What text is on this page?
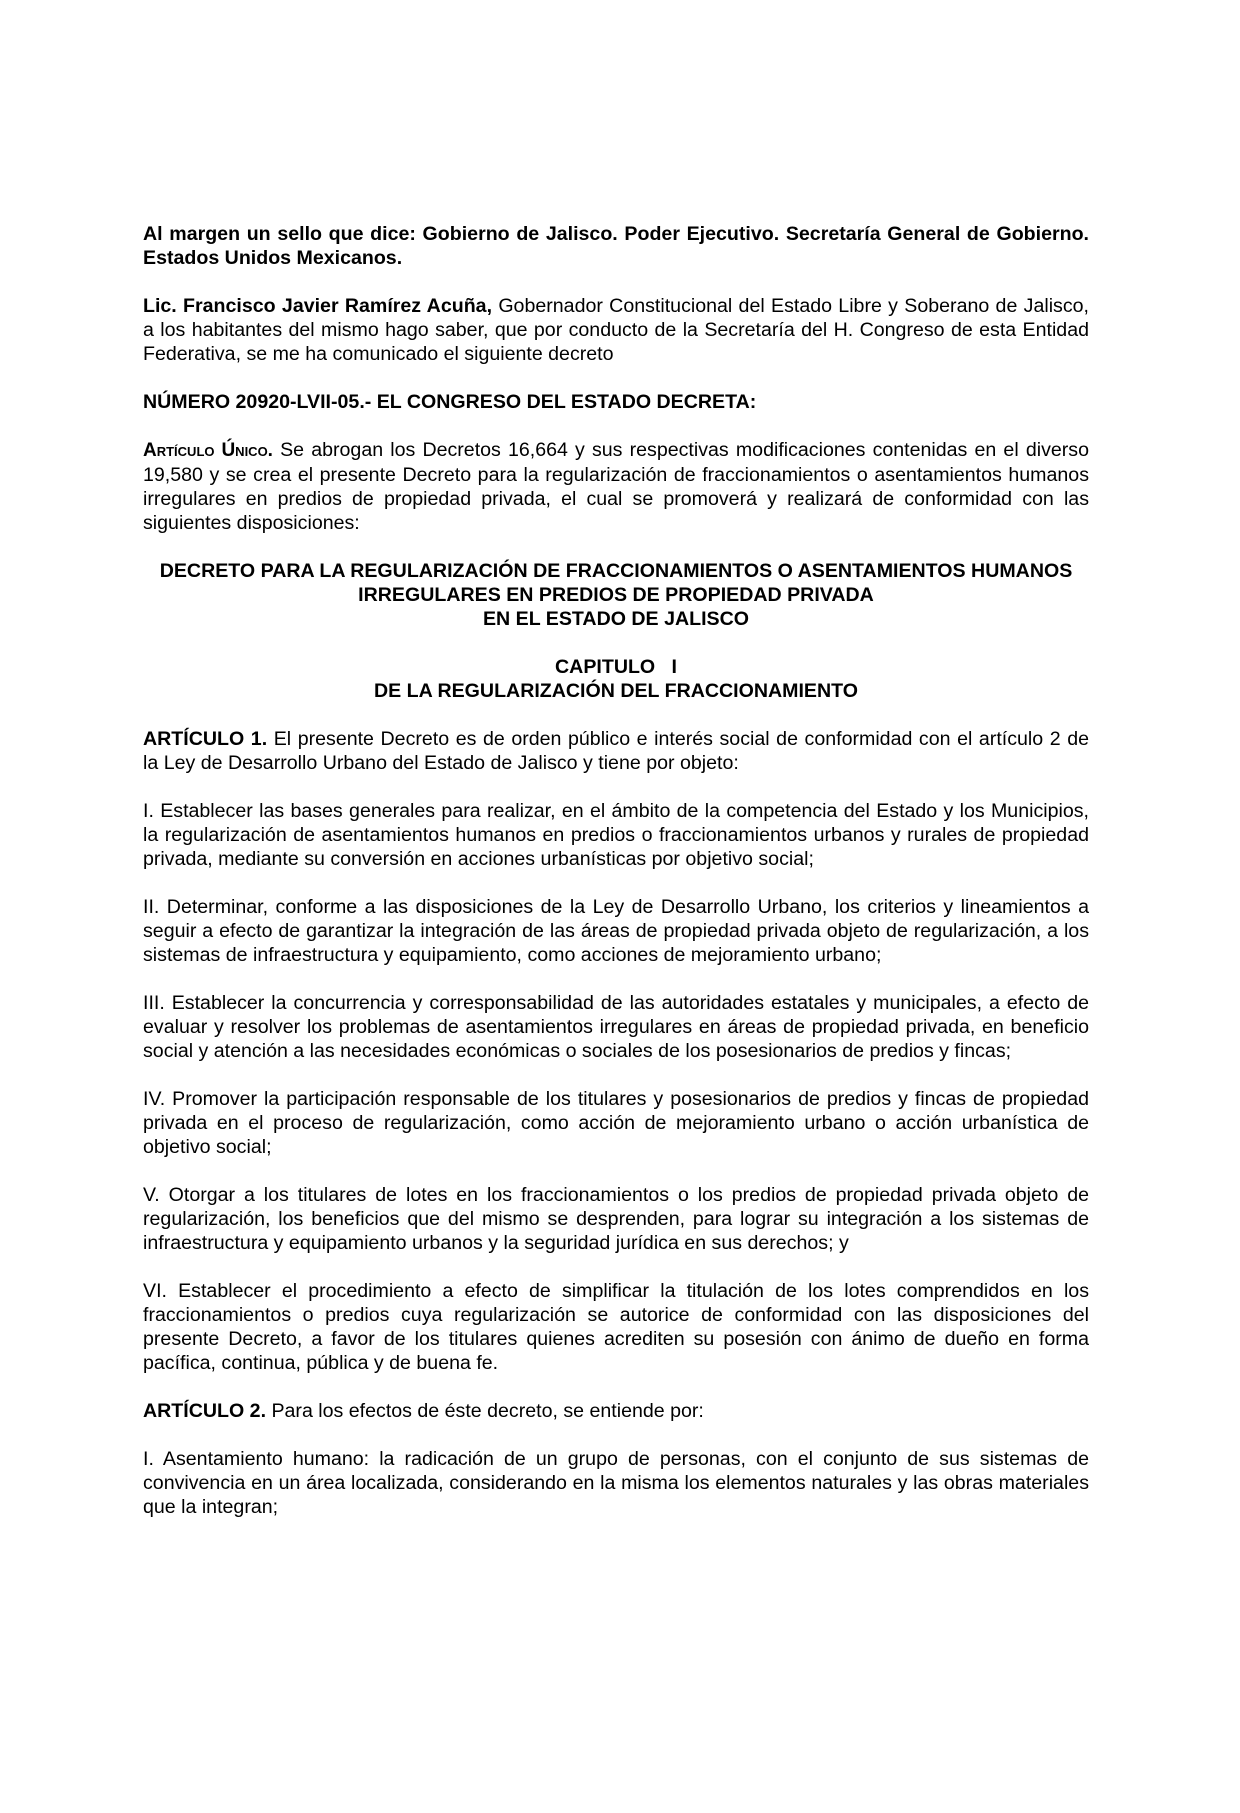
Al margen un sello que dice: Gobierno de Jalisco. Poder Ejecutivo. Secretaría General de Gobierno. Estados Unidos Mexicanos.

Lic. Francisco Javier Ramírez Acuña, Gobernador Constitucional del Estado Libre y Soberano de Jalisco, a los habitantes del mismo hago saber, que por conducto de la Secretaría del H. Congreso de esta Entidad Federativa, se me ha comunicado el siguiente decreto

NÚMERO 20920-LVII-05.- EL CONGRESO DEL ESTADO DECRETA:

Artículo Único. Se abrogan los Decretos 16,664 y sus respectivas modificaciones contenidas en el diverso 19,580 y se crea el presente Decreto para la regularización de fraccionamientos o asentamientos humanos irregulares en predios de propiedad privada, el cual se promoverá y realizará de conformidad con las siguientes disposiciones:

DECRETO PARA LA REGULARIZACIÓN DE FRACCIONAMIENTOS O ASENTAMIENTOS HUMANOS
IRREGULARES EN PREDIOS DE PROPIEDAD PRIVADA
EN EL ESTADO DE JALISCO
CAPITULO   I
DE LA REGULARIZACIÓN DEL FRACCIONAMIENTO

ARTÍCULO 1. El presente Decreto es de orden público e interés social de conformidad con el artículo 2 de la Ley de Desarrollo Urbano del Estado de Jalisco y tiene por objeto:

I. Establecer las bases generales para realizar, en el ámbito de la competencia del Estado y los Municipios, la regularización de asentamientos humanos en predios o fraccionamientos urbanos y rurales de propiedad privada, mediante su conversión en acciones urbanísticas por objetivo social;
II. Determinar, conforme a las disposiciones de la Ley de Desarrollo Urbano, los criterios y lineamientos a seguir a efecto de garantizar la integración de las áreas de propiedad privada objeto de regularización, a los sistemas de infraestructura y equipamiento, como acciones de mejoramiento urbano;
III. Establecer la concurrencia y corresponsabilidad de las autoridades estatales y municipales, a efecto de evaluar y resolver los problemas de asentamientos irregulares en áreas de propiedad privada, en beneficio social y atención a las necesidades económicas o sociales de los posesionarios de predios y fincas;
IV. Promover la participación responsable de los titulares y posesionarios de predios y fincas de propiedad privada en el proceso de regularización, como acción de mejoramiento urbano o acción urbanística de objetivo social;
V. Otorgar a los titulares de lotes en los fraccionamientos o los predios de propiedad privada objeto de regularización, los beneficios que del mismo se desprenden, para lograr su integración a los sistemas de infraestructura y equipamiento urbanos y la seguridad jurídica en sus derechos; y
VI. Establecer el procedimiento a efecto de simplificar la titulación de los lotes comprendidos en los fraccionamientos o predios cuya regularización se autorice de conformidad con las disposiciones del presente Decreto, a favor de los titulares quienes acrediten su posesión con ánimo de dueño en forma pacífica, continua, pública y de buena fe.

ARTÍCULO 2. Para los efectos de éste decreto, se entiende por:

I. Asentamiento humano: la radicación de un grupo de personas, con el conjunto de sus sistemas de convivencia en un área localizada, considerando en la misma los elementos naturales y las obras materiales que la integran;
